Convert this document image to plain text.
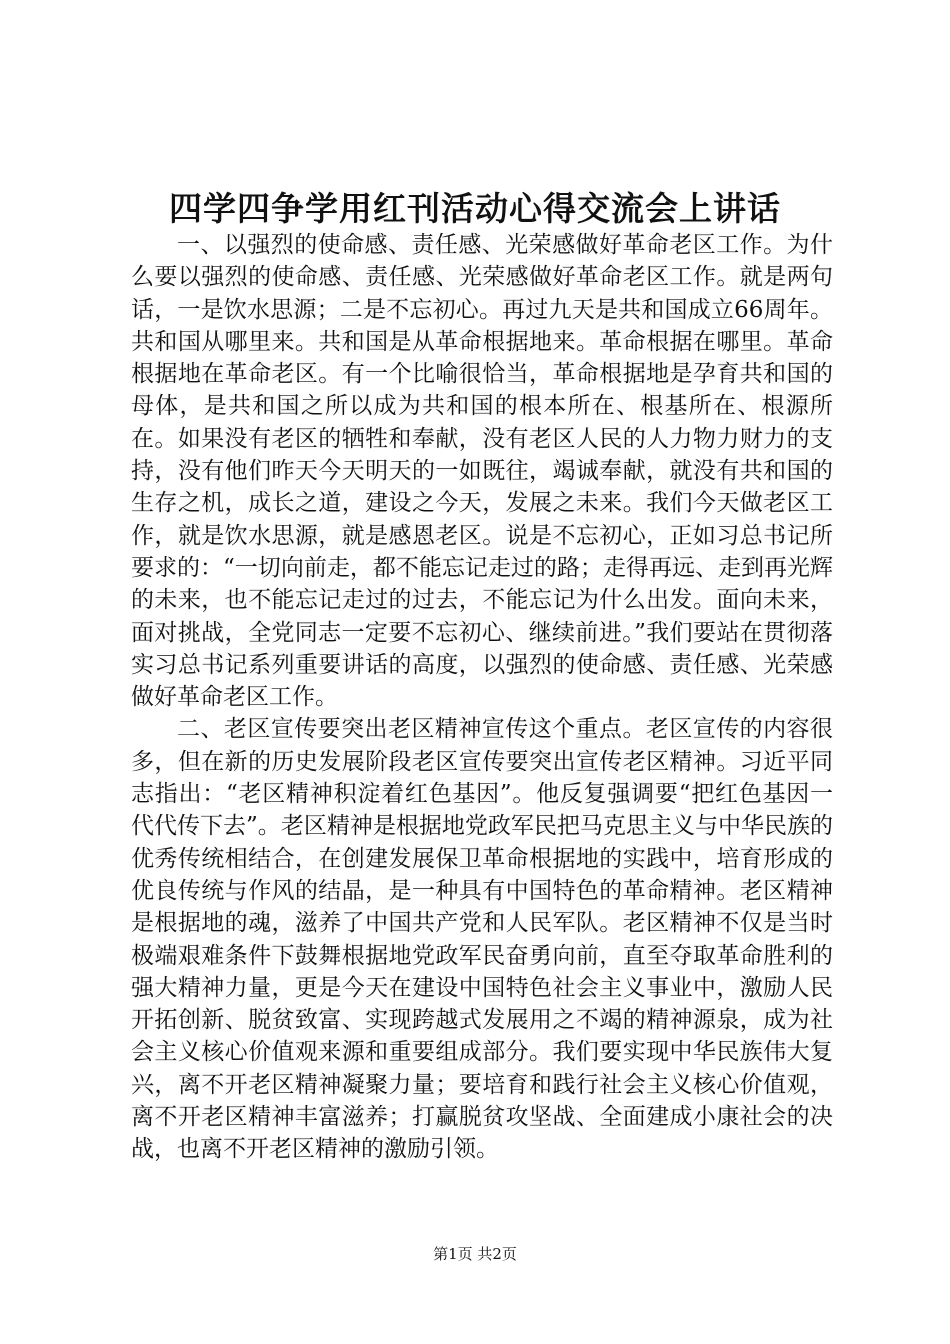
四学四争学用红刊活动心得交流会上讲话

一、以强烈的使命感、责任感、光荣感做好革命老区工作。为什么要以强烈的使命感、责任感、光荣感做好革命老区工作。就是两句话，一是饮水思源；二是不忘初心。再过九天是共和国成立66周年。共和国从哪里来。共和国是从革命根据地来。革命根据在哪里。革命根据地在革命老区。有一个比喻很恰当，革命根据地是孕育共和国的母体，是共和国之所以成为共和国的根本所在、根基所在、根源所在。如果没有老区的牺牲和奉献，没有老区人民的人力物力财力的支持，没有他们昨天今天明天的一如既往，竭诚奉献，就没有共和国的生存之机，成长之道，建设之今天，发展之未来。我们今天做老区工作，就是饮水思源，就是感恩老区。说是不忘初心，正如习总书记所要求的：“一切向前走，都不能忘记走过的路；走得再远、走到再光辉的未来，也不能忘记走过的过去，不能忘记为什么出发。面向未来，面对挑战，全党同志一定要不忘初心、继续前进。”我们要站在贯彻落实习总书记系列重要讲话的高度，以强烈的使命感、责任感、光荣感做好革命老区工作。

二、老区宣传要突出老区精神宣传这个重点。老区宣传的内容很多，但在新的历史发展阶段老区宣传要突出宣传老区精神。习近平同志指出：“老区精神积淀着红色基因”。他反复强调要“把红色基因一代代传下去”。老区精神是根据地党政军民把马克思主义与中华民族的优秀传统相结合，在创建发展保卫革命根据地的实践中，培育形成的优良传统与作风的结晶，是一种具有中国特色的革命精神。老区精神是根据地的魂，滋养了中国共产党和人民军队。老区精神不仅是当时极端艰难条件下鼓舞根据地党政军民奋勇向前，直至夺取革命胜利的强大精神力量，更是今天在建设中国特色社会主义事业中，激励人民开拓创新、脱贫致富、实现跨越式发展用之不竭的精神源泉，成为社会主义核心价值观来源和重要组成部分。我们要实现中华民族伟大复兴，离不开老区精神凝聚力量；要培育和践行社会主义核心价值观，离不开老区精神丰富滋养；打赢脱贫攻坚战、全面建成小康社会的决战，也离不开老区精神的激励引领。

第1页 共2页
